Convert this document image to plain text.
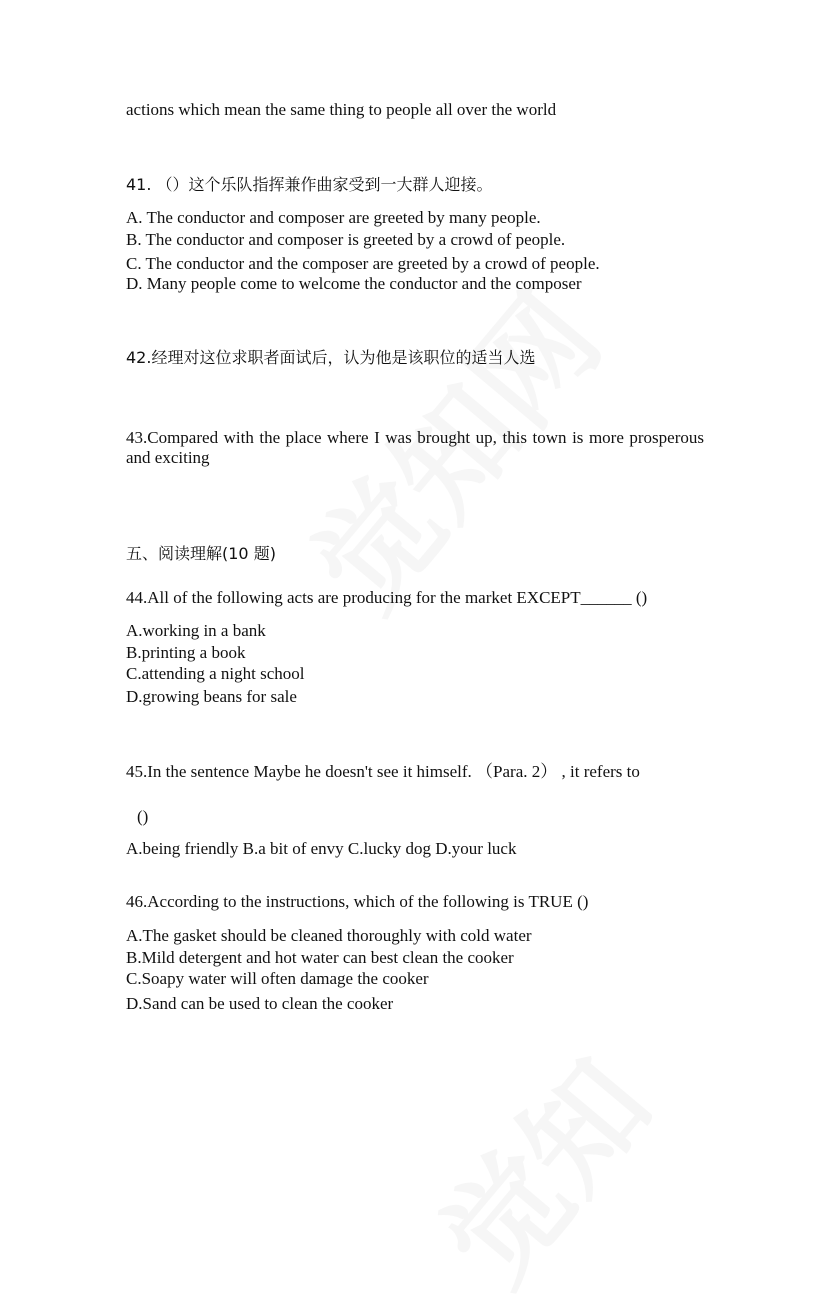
actions which mean the same thing to people all over the world
41. （）这个乐队指挥兼作曲家受到一大群人迎接。
A. The conductor and composer are greeted by many people.
B. The conductor and composer is greeted by a crowd of people.
C. The conductor and the composer are greeted by a crowd of people.
D. Many people come to welcome the conductor and the composer
42.经理对这位求职者面试后，认为他是该职位的适当人选
43.Compared with the place where I was brought up, this town is more prosperous and exciting
五、阅读理解(10 题)
44.All of the following acts are producing for the market EXCEPT______ ()
A.working in a bank
B.printing a book
C.attending a night school
D.growing beans for sale
45.In the sentence Maybe he doesn't see it himself. （Para. 2） , it refers to
()
A.being friendly B.a bit of envy C.lucky dog D.your luck
46.According to the instructions, which of the following is TRUE ()
A.The gasket should be cleaned thoroughly with cold water
B.Mild detergent and hot water can best clean the cooker
C.Soapy water will often damage the cooker
D.Sand can be used to clean the cooker
